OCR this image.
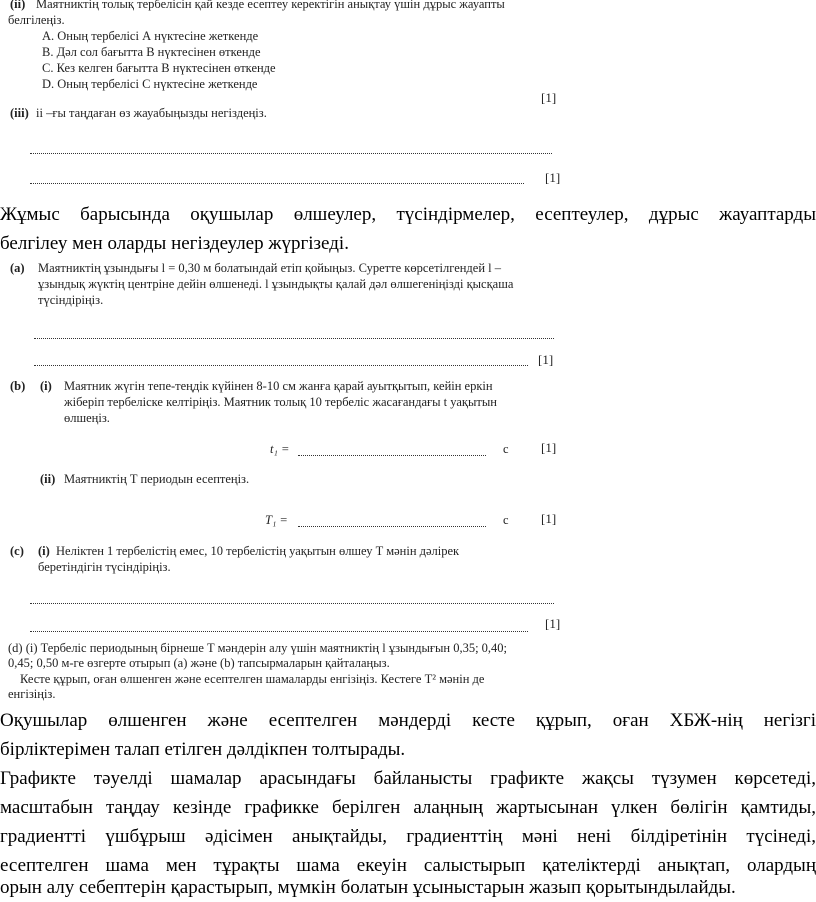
(ii) Маятниктің толық тербелісін қай кезде есептеу керектігін анықтау үшін дұрыс жауапты
белгілеңіз.
A. Оның тербелісі А нүктесіне жеткенде
B. Дәл сол бағытта В нүктесінен өткенде
C. Кез келген бағытта В нүктесінен өткенде
D. Оның тербелісі С нүктесіне жеткенде
[1]
(iii) іі –ғы таңдаған өз жауабыңызды негіздеңіз.
[1]
Жұмыс барысында оқушылар өлшеулер, түсіндірмелер, есептеулер, дұрыс жауаптарды
белгілеу мен оларды негіздеулер жүргізеді.
(a) Маятниктің ұзындығы l = 0,30 м болатындай етіп қойыңыз. Суретте көрсетілгендей l –
ұзындық жүктің центріне дейін өлшенеді. l ұзындықты қалай дәл өлшегеніңізді қысқаша
түсіндіріңіз.
[1]
(b) (i) Маятник жүгін тепе-теңдік күйінен 8-10 см жанға қарай ауытқытып, кейін еркін
жіберіп тербеліске келтіріңіз. Маятник толық 10 тербеліс жасағандағы t уақытын
өлшеңіз.
t₁ =	с [1]
(ii) Маятниктің T периодын есептеңіз.
T₁ =	с [1]
(c) (i) Неліктен 1 тербелістің емес, 10 тербелістің уақытын өлшеу T мәнін дәлірек
беретіндігін түсіндіріңіз.
[1]
(d) (i) Тербеліс периодының бірнеше T мәндерін алу үшін маятниктің l ұзындығын 0,35; 0,40;
0,45; 0,50 м-ге өзгерте отырып (a) және (b) тапсырмаларын қайталаңыз.
Кесте құрып, оған өлшенген және есептелген шамаларды енгізіңіз. Кестеге T² мәнін де
енгізіңіз.
Оқушылар өлшенген және есептелген мәндерді кесте құрып, оған ХБЖ-нің негізгі
бірліктерімен талап етілген дәлдікпен толтырады.
Графикте тәуелді шамалар арасындағы байланысты графикте жақсы түзумен көрсетеді,
масштабын таңдау кезінде графикке берілген алаңның жартысынан үлкен бөлігін қамтиды,
градиентті үшбұрыш әдісімен анықтайды, градиенттің мәні нені білдіретінін түсінеді,
есептелген шама мен тұрақты шама екеуін салыстырып қателіктерді анықтап, олардың
орын алу себептерін қарастырып, мүмкін болатын ұсыныстарын жазып қорытындылайды.
